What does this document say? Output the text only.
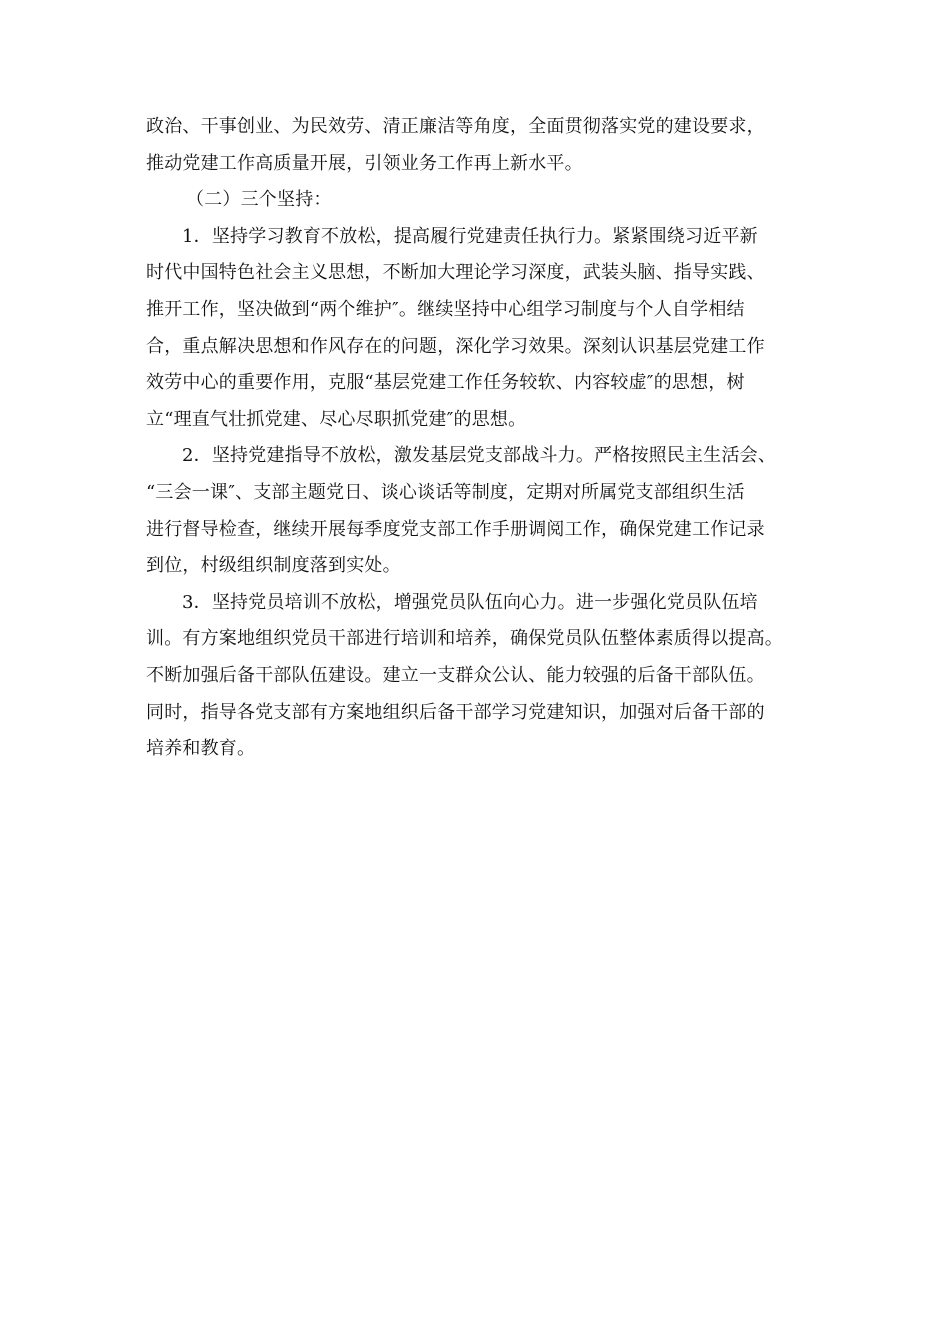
政治、干事创业、为民效劳、清正廉洁等角度，全面贯彻落实党的建设要求，
推动党建工作高质量开展，引领业务工作再上新水平。
（二）三个坚持：
1．坚持学习教育不放松，提高履行党建责任执行力。紧紧围绕习近平新
时代中国特色社会主义思想，不断加大理论学习深度，武装头脑、指导实践、
推开工作，坚决做到“两个维护″。继续坚持中心组学习制度与个人自学相结
合，重点解决思想和作风存在的问题，深化学习效果。深刻认识基层党建工作
效劳中心的重要作用，克服“基层党建工作任务较软、内容较虚″的思想，树
立“理直气壮抓党建、尽心尽职抓党建″的思想。
2．坚持党建指导不放松，激发基层党支部战斗力。严格按照民主生活会、
“三会一课″、支部主题党日、谈心谈话等制度，定期对所属党支部组织生活
进行督导检查，继续开展每季度党支部工作手册调阅工作，确保党建工作记录
到位，村级组织制度落到实处。
3．坚持党员培训不放松，增强党员队伍向心力。进一步强化党员队伍培
训。有方案地组织党员干部进行培训和培养，确保党员队伍整体素质得以提高。
不断加强后备干部队伍建设。建立一支群众公认、能力较强的后备干部队伍。
同时，指导各党支部有方案地组织后备干部学习党建知识，加强对后备干部的
培养和教育。
